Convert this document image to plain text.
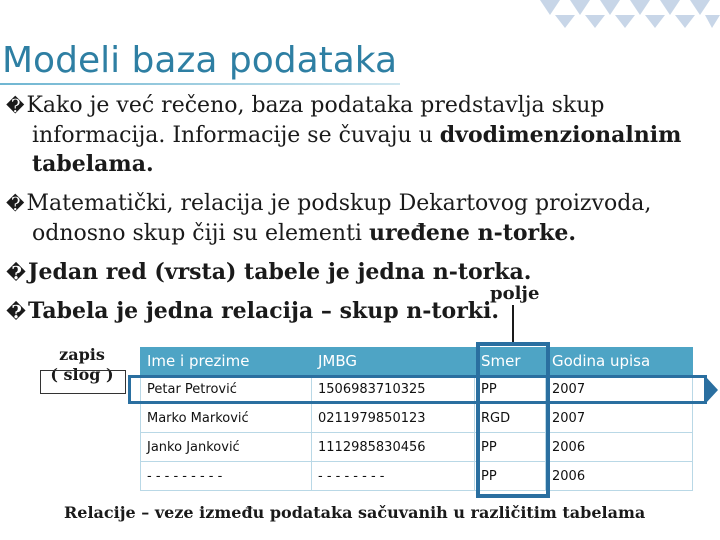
Modeli baza podataka
�Kako je već rečeno, baza podataka predstavlja skup
informacija. Informacije se čuvaju u dvodimenzionalnim
tabelama.
�Matematički, relacija je podskup Dekartovog proizvoda,
odnosno skup čiji su elementi uređene n-torke.
�Jedan red (vrsta) tabele je jedna n-torka.
�Tabela je jedna relacija – skup n-torki.
polje
zapis
( slog )
Ime i prezime	JMBG	Smer	Godina upisa
Petar Petrović	1506983710325	PP	2007
Marko Marković	0211979850123	RGD	2007
Janko Janković	1112985830456	PP	2006
- - - - - - - - -	- - - - - - - -	PP	2006
Relacije – veze između podataka sačuvanih u različitim tabelama
